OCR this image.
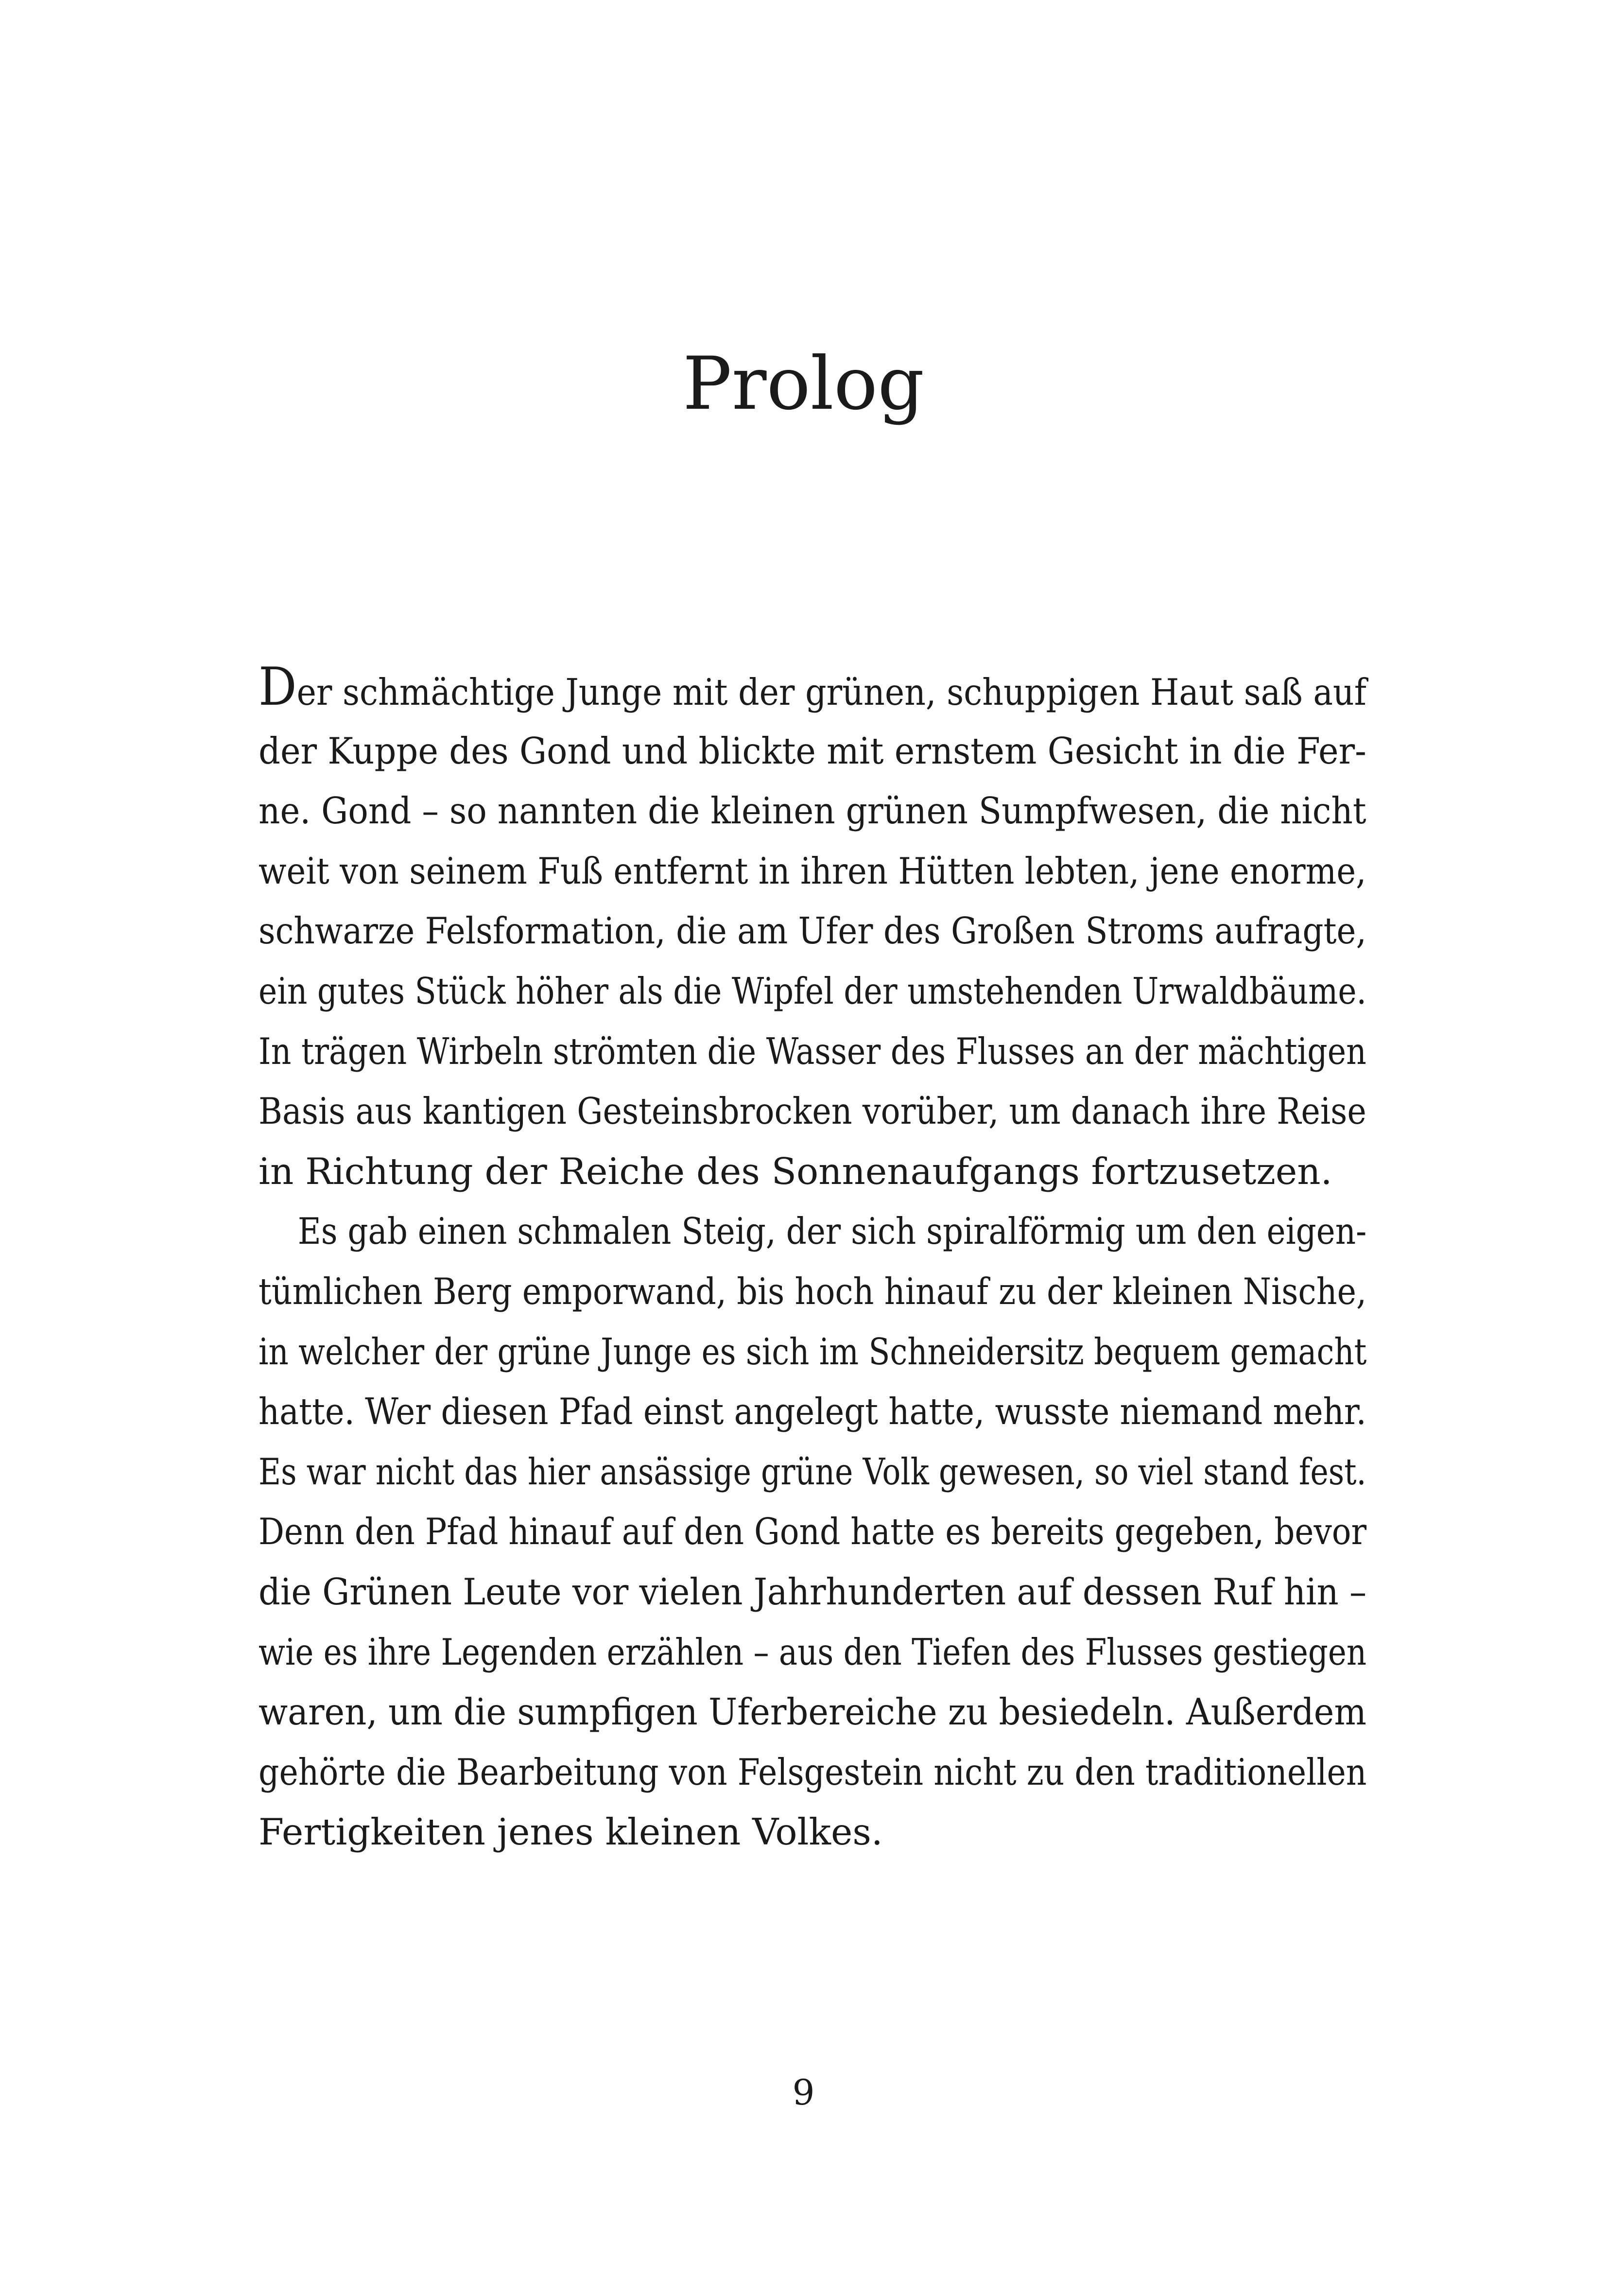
Prolog
Der schmächtige Junge mit der grünen, schuppigen Haut saß auf
der Kuppe des Gond und blickte mit ernstem Gesicht in die Fer-
ne. Gond – so nannten die kleinen grünen Sumpfwesen, die nicht
weit von seinem Fuß entfernt in ihren Hütten lebten, jene enorme,
schwarze Felsformation, die am Ufer des Großen Stroms aufragte,
ein gutes Stück höher als die Wipfel der umstehenden Urwaldbäume.
In trägen Wirbeln strömten die Wasser des Flusses an der mächtigen
Basis aus kantigen Gesteinsbrocken vorüber, um danach ihre Reise
in Richtung der Reiche des Sonnenaufgangs fortzusetzen.
Es gab einen schmalen Steig, der sich spiralförmig um den eigen-
tümlichen Berg emporwand, bis hoch hinauf zu der kleinen Nische,
in welcher der grüne Junge es sich im Schneidersitz bequem gemacht
hatte. Wer diesen Pfad einst angelegt hatte, wusste niemand mehr.
Es war nicht das hier ansässige grüne Volk gewesen, so viel stand fest.
Denn den Pfad hinauf auf den Gond hatte es bereits gegeben, bevor
die Grünen Leute vor vielen Jahrhunderten auf dessen Ruf hin –
wie es ihre Legenden erzählen – aus den Tiefen des Flusses gestiegen
waren, um die sumpfigen Uferbereiche zu besiedeln. Außerdem
gehörte die Bearbeitung von Felsgestein nicht zu den traditionellen
Fertigkeiten jenes kleinen Volkes.
9
